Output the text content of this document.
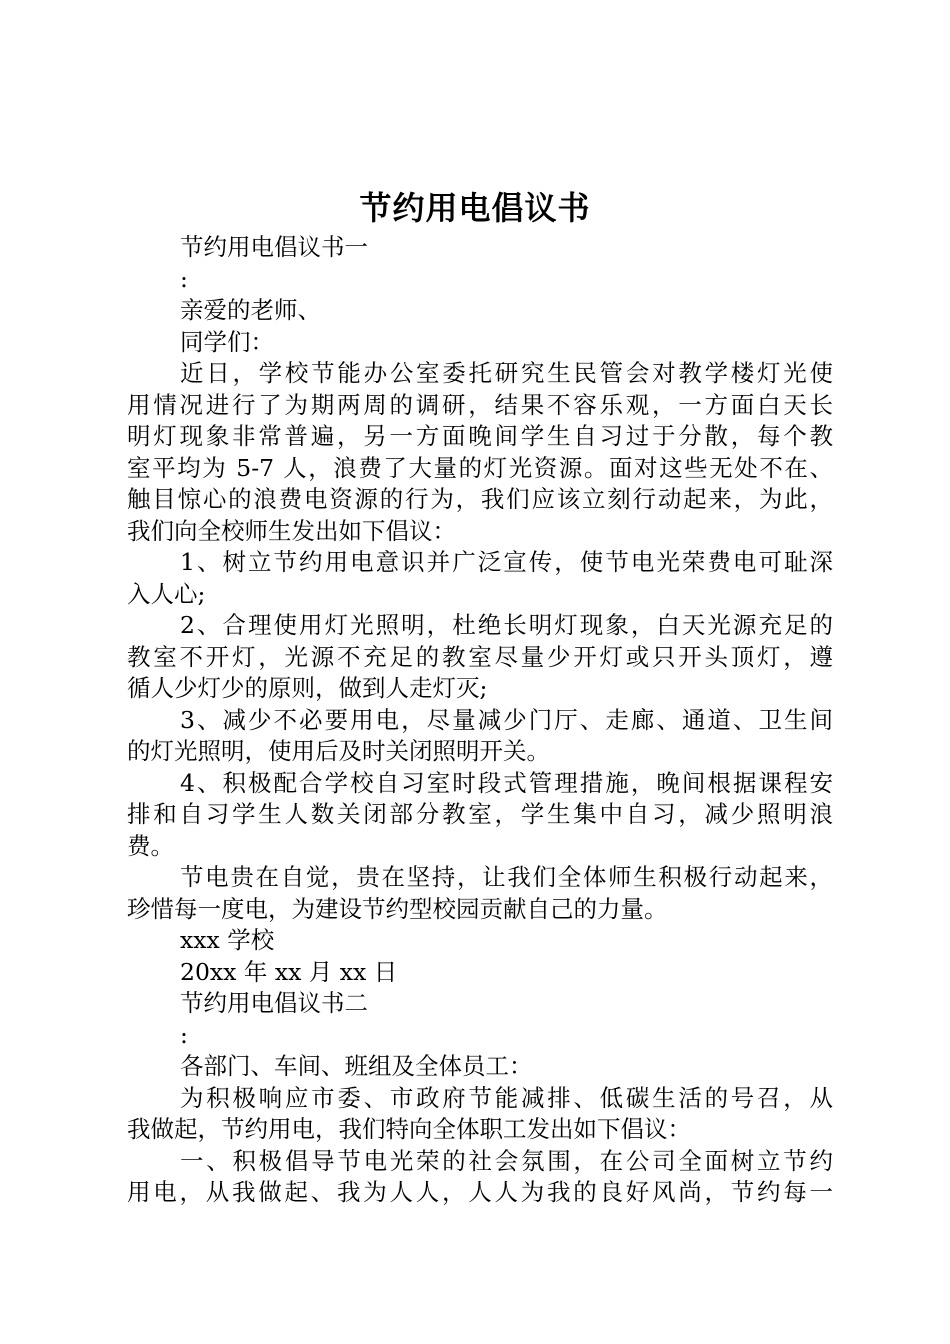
节约用电倡议书
节约用电倡议书一
:
亲爱的老师、
同学们：
近日，学校节能办公室委托研究生民管会对教学楼灯光使
用情况进行了为期两周的调研，结果不容乐观，一方面白天长
明灯现象非常普遍，另一方面晚间学生自习过于分散，每个教
室平均为 5-7 人，浪费了大量的灯光资源。面对这些无处不在、
触目惊心的浪费电资源的行为，我们应该立刻行动起来，为此，
我们向全校师生发出如下倡议：
1、树立节约用电意识并广泛宣传，使节电光荣费电可耻深
入人心;
2、合理使用灯光照明，杜绝长明灯现象，白天光源充足的
教室不开灯，光源不充足的教室尽量少开灯或只开头顶灯，遵
循人少灯少的原则，做到人走灯灭;
3、减少不必要用电，尽量减少门厅、走廊、通道、卫生间
的灯光照明，使用后及时关闭照明开关。
4、积极配合学校自习室时段式管理措施，晚间根据课程安
排和自习学生人数关闭部分教室，学生集中自习，减少照明浪
费。
节电贵在自觉，贵在坚持，让我们全体师生积极行动起来，
珍惜每一度电，为建设节约型校园贡献自己的力量。
xxx 学校
20xx 年 xx 月 xx 日
节约用电倡议书二
:
各部门、车间、班组及全体员工：
为积极响应市委、市政府节能减排、低碳生活的号召，从
我做起，节约用电，我们特向全体职工发出如下倡议：
一、积极倡导节电光荣的社会氛围，在公司全面树立节约
用电，从我做起、我为人人，人人为我的良好风尚，节约每一
